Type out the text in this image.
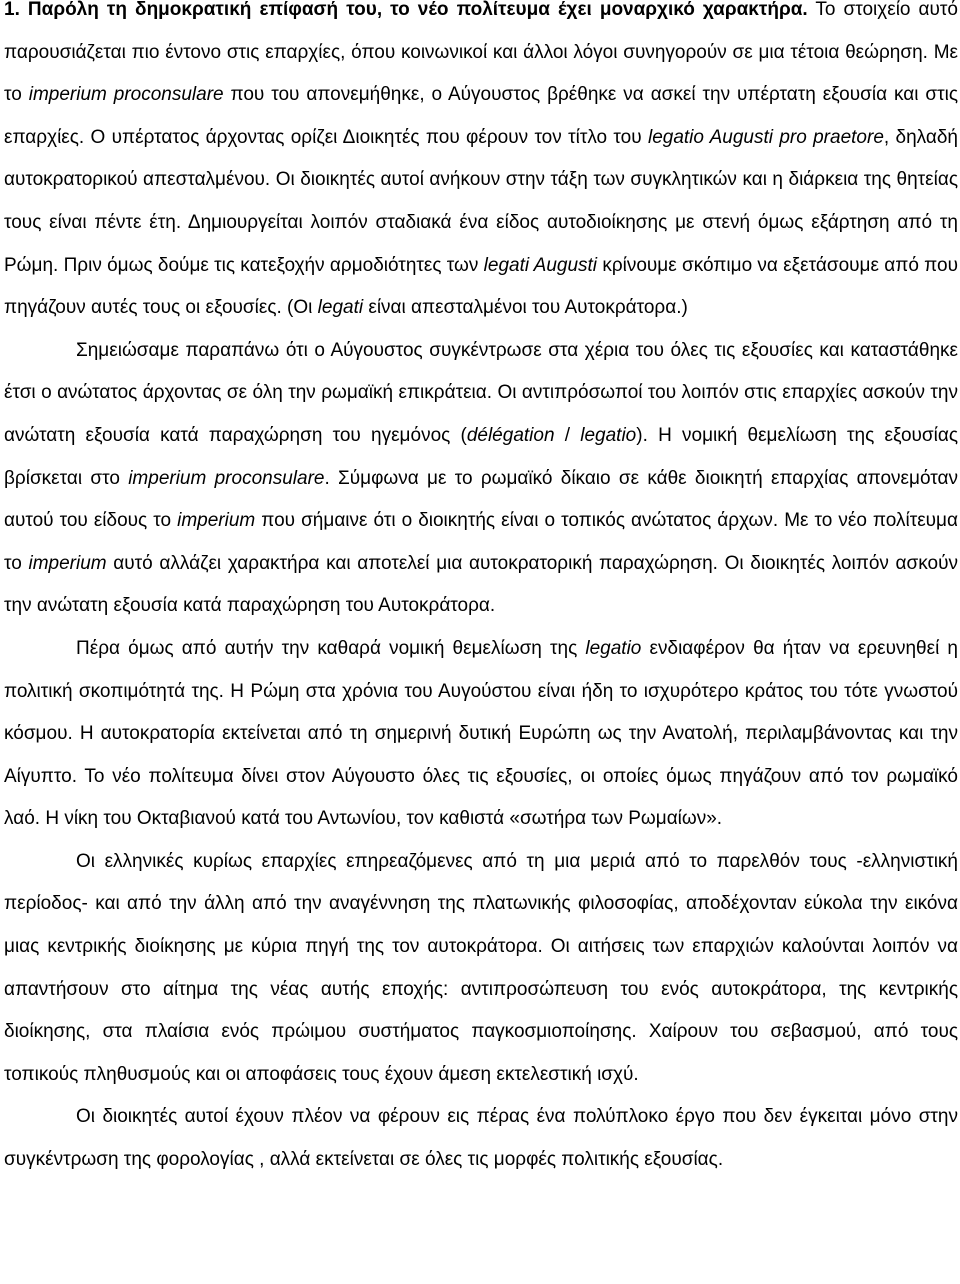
1. Παρόλη τη δημοκρατική επίφασή του, το νέο πολίτευμα έχει μοναρχικό χαρακτήρα. Το στοιχείο αυτό παρουσιάζεται πιο έντονο στις επαρχίες, όπου κοινωνικοί και άλλοι λόγοι συνηγορούν σε μια τέτοια θεώρηση. Με το imperium proconsulare που του απονεμήθηκε, ο Αύγουστος βρέθηκε να ασκεί την υπέρτατη εξουσία και στις επαρχίες. Ο υπέρτατος άρχοντας ορίζει Διοικητές που φέρουν τον τίτλο του legatio Augusti pro praetore, δηλαδή αυτοκρατορικού απεσταλμένου. Οι διοικητές αυτοί ανήκουν στην τάξη των συγκλητικών και η διάρκεια της θητείας τους είναι πέντε έτη. Δημιουργείται λοιπόν σταδιακά ένα είδος αυτοδιοίκησης με στενή όμως εξάρτηση από τη Ρώμη. Πριν όμως δούμε τις κατεξοχήν αρμοδιότητες των legati Augusti κρίνουμε σκόπιμο να εξετάσουμε από που πηγάζουν αυτές τους οι εξουσίες. (Οι legati είναι απεσταλμένοι του Αυτοκράτορα.)

Σημειώσαμε παραπάνω ότι ο Αύγουστος συγκέντρωσε στα χέρια του όλες τις εξουσίες και καταστάθηκε έτσι ο ανώτατος άρχοντας σε όλη την ρωμαϊκή επικράτεια. Οι αντιπρόσωποί του λοιπόν στις επαρχίες ασκούν την ανώτατη εξουσία κατά παραχώρηση του ηγεμόνος (délégation / legatio). Η νομική θεμελίωση της εξουσίας βρίσκεται στο imperium proconsulare. Σύμφωνα με το ρωμαϊκό δίκαιο σε κάθε διοικητή επαρχίας απονεμόταν αυτού του είδους το imperium που σήμαινε ότι ο διοικητής είναι ο τοπικός ανώτατος άρχων. Με το νέο πολίτευμα το imperium αυτό αλλάζει χαρακτήρα και αποτελεί μια αυτοκρατορική παραχώρηση. Οι διοικητές λοιπόν ασκούν την ανώτατη εξουσία κατά παραχώρηση του Αυτοκράτορα.

Πέρα όμως από αυτήν την καθαρά νομική θεμελίωση της legatio ενδιαφέρον θα ήταν να ερευνηθεί η πολιτική σκοπιμότητά της. Η Ρώμη στα χρόνια του Αυγούστου είναι ήδη το ισχυρότερο κράτος του τότε γνωστού κόσμου. Η αυτοκρατορία εκτείνεται από τη σημερινή δυτική Ευρώπη ως την Ανατολή, περιλαμβάνοντας και την Αίγυπτο. Το νέο πολίτευμα δίνει στον Αύγουστο όλες τις εξουσίες, οι οποίες όμως πηγάζουν από τον ρωμαϊκό λαό. Η νίκη του Οκταβιανού κατά του Αντωνίου, τον καθιστά «σωτήρα των Ρωμαίων».

Οι ελληνικές κυρίως επαρχίες επηρεαζόμενες από τη μια μεριά από το παρελθόν τους -ελληνιστική περίοδος- και από την άλλη από την αναγέννηση της πλατωνικής φιλοσοφίας, αποδέχονταν εύκολα την εικόνα μιας κεντρικής διοίκησης με κύρια πηγή της τον αυτοκράτορα. Οι αιτήσεις των επαρχιών καλούνται λοιπόν να απαντήσουν στο αίτημα της νέας αυτής εποχής: αντιπροσώπευση του ενός αυτοκράτορα, της κεντρικής διοίκησης, στα πλαίσια ενός πρώιμου συστήματος παγκοσμιοποίησης. Χαίρουν του σεβασμού, από τους τοπικούς πληθυσμούς και οι αποφάσεις τους έχουν άμεση εκτελεστική ισχύ.

Οι διοικητές αυτοί έχουν πλέον να φέρουν εις πέρας ένα πολύπλοκο έργο που δεν έγκειται μόνο στην συγκέντρωση της φορολογίας , αλλά εκτείνεται σε όλες τις μορφές πολιτικής εξουσίας.
